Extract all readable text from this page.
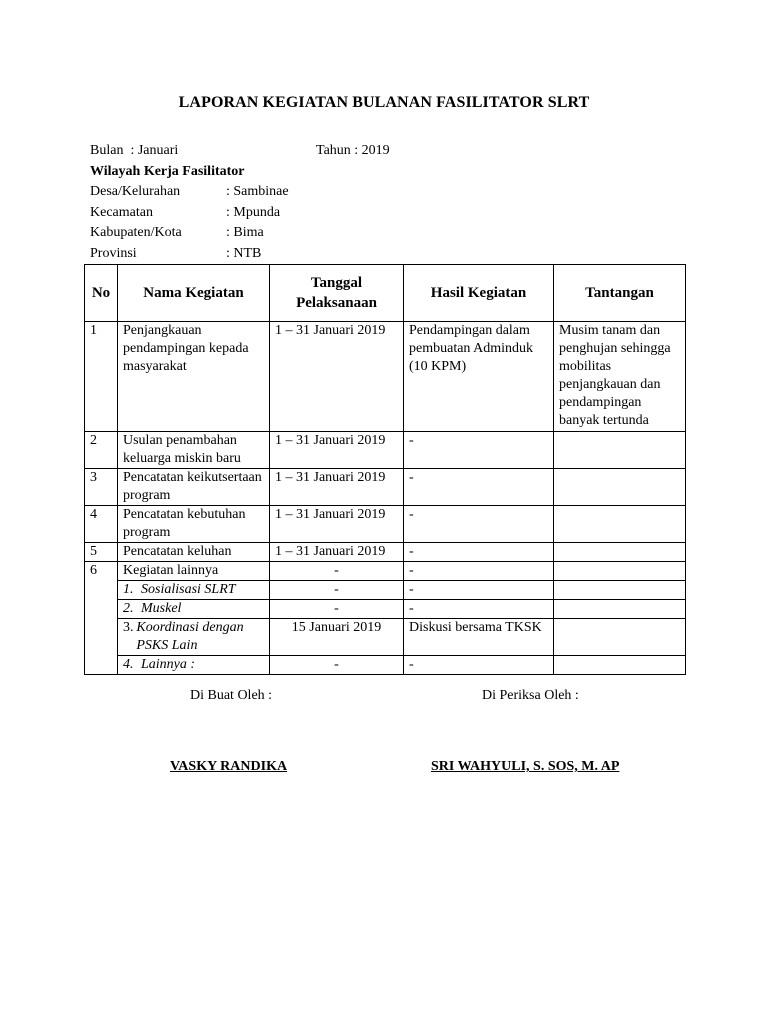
LAPORAN KEGIATAN BULANAN FASILITATOR SLRT
Bulan : Januari	Tahun : 2019
Wilayah Kerja Fasilitator
Desa/Kelurahan	: Sambinae
Kecamatan	: Mpunda
Kabupaten/Kota	: Bima
Provinsi	: NTB
No	Nama Kegiatan	Tanggal Pelaksanaan	Hasil Kegiatan	Tantangan
1	Penjangkauan pendampingan kepada masyarakat	1 – 31 Januari 2019	Pendampingan dalam pembuatan Adminduk (10 KPM)	Musim tanam dan penghujan sehingga mobilitas penjangkauan dan pendampingan banyak tertunda
2	Usulan penambahan keluarga miskin baru	1 – 31 Januari 2019	-	
3	Pencatatan keikutsertaan program	1 – 31 Januari 2019	-	
4	Pencatatan kebutuhan program	1 – 31 Januari 2019	-	
5	Pencatatan keluhan	1 – 31 Januari 2019	-	
6	Kegiatan lainnya	-	-	
	1. Sosialisasi SLRT	-	-	
	2. Muskel	-	-	

	3. Koordinasi dengan PSKS Lain	15 Januari 2019	Diskusi bersama TKSK	
	4. Lainnya :	-	-	
Di Buat Oleh :	Di Periksa Oleh :
VASKY RANDIKA	SRI WAHYULI, S. SOS, M. AP
